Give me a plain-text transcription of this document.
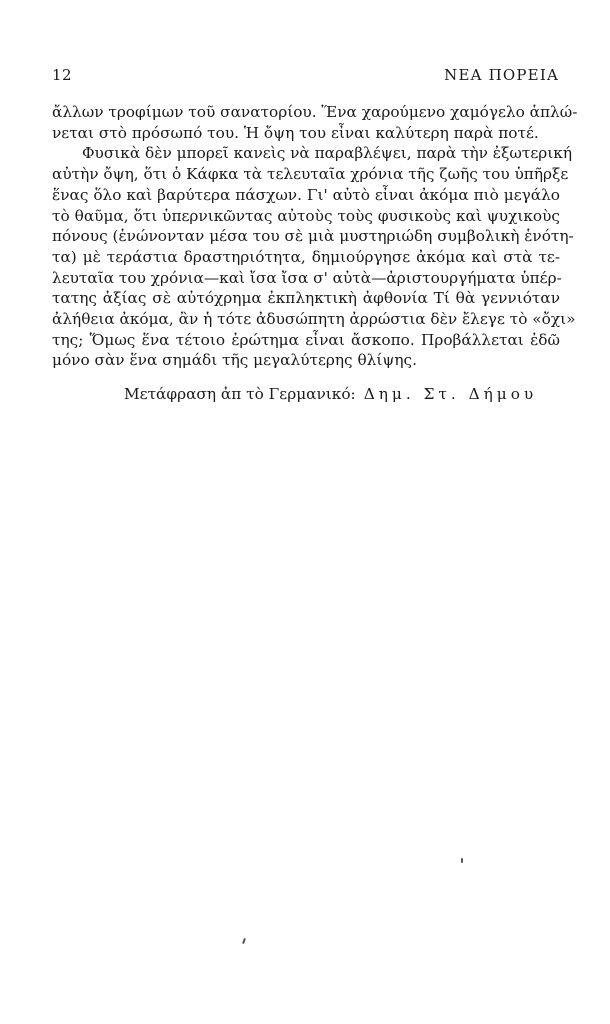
12	ΝΕΑ ΠΟΡΕΙΑ
ἄλλων τροφίμων τοῦ σανατορίου. Ἕνα χαρούμενο χαμόγελο ἁπλώ-
νεται στὸ πρόσωπό του. Ἡ ὄψη του εἶναι καλύτερη παρὰ ποτέ.
Φυσικὰ δὲν μπορεῖ κανεὶς νὰ παραβλέψει, παρὰ τὴν ἐξωτερική
αὐτὴν ὄψη, ὅτι ὁ Κάφκα τὰ τελευταῖα χρόνια τῆς ζωῆς του ὑπῆρξε
ἕνας ὅλο καὶ βαρύτερα πάσχων. Γι' αὐτὸ εἶναι ἀκόμα πιὸ μεγάλο
τὸ θαῦμα, ὅτι ὑπερνικῶντας αὐτοὺς τοὺς φυσικοὺς καὶ ψυχικοὺς
πόνους (ἑνώνονταν μέσα του σὲ μιὰ μυστηριώδη συμβολικὴ ἑνότη-
τα) μὲ τεράστια δραστηριότητα, δημιούργησε ἀκόμα καὶ στὰ τε-
λευταῖα του χρόνια—καὶ ἴσα ἴσα σ' αὐτὰ—ἀριστουργήματα ὑπέρ-
τατης ἀξίας σὲ αὐτόχρημα ἐκπληκτικὴ ἀφθονία Τί θὰ γεννιόταν
ἀλήθεια ἀκόμα, ἂν ἡ τότε ἀδυσώπητη ἀρρώστια δὲν ἔλεγε τὸ «ὄχι»
της; Ὅμως ἕνα τέτοιο ἐρώτημα εἶναι ἄσκοπο. Προβάλλεται ἐδῶ
μόνο σὰν ἕνα σημάδι τῆς μεγαλύτερης θλίψης.
Μετάφραση ἀπ τὸ Γερμανικό: Δημ. Στ. Δήμου
